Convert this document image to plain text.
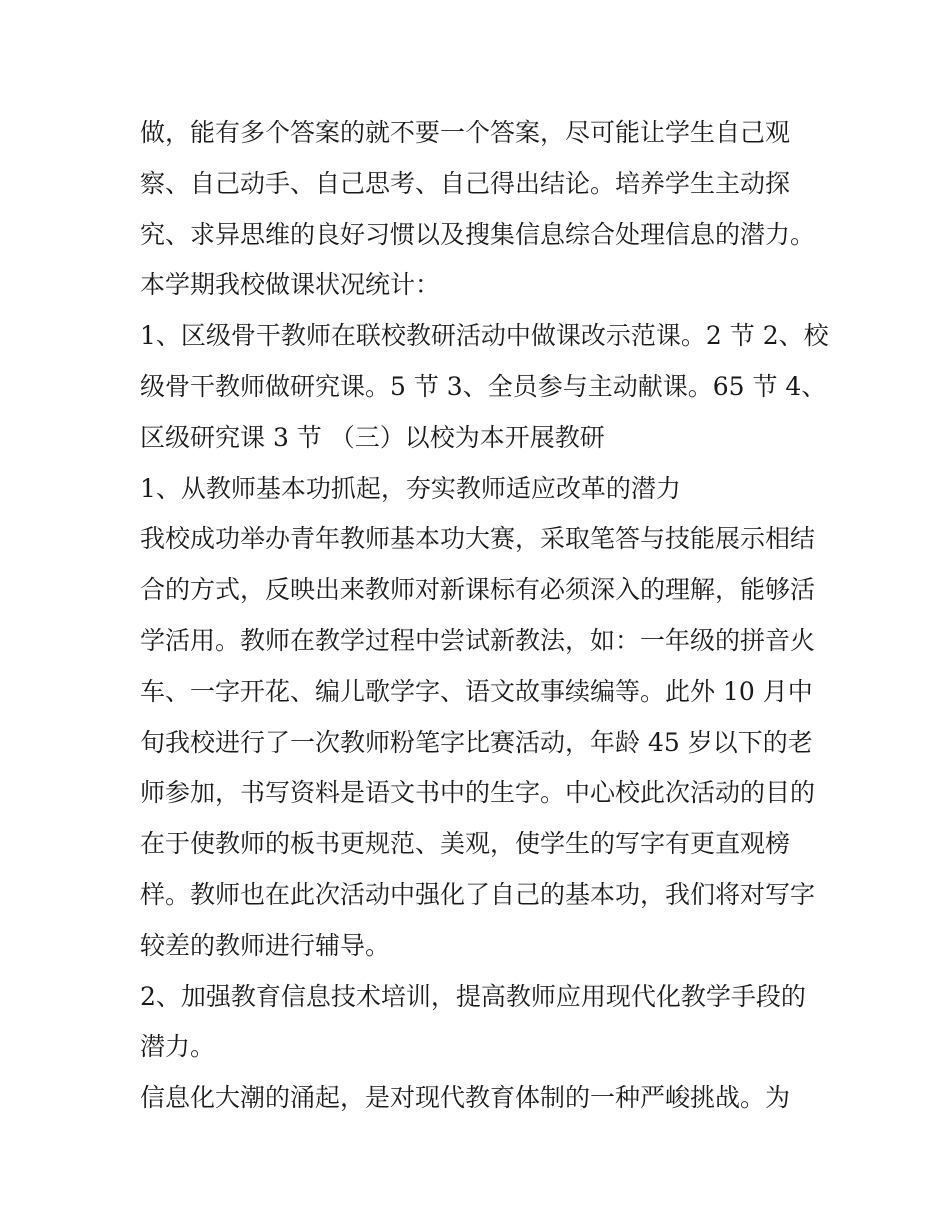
做，能有多个答案的就不要一个答案，尽可能让学生自己观
察、自己动手、自己思考、自己得出结论。培养学生主动探
究、求异思维的良好习惯以及搜集信息综合处理信息的潜力。
本学期我校做课状况统计：
1、区级骨干教师在联校教研活动中做课改示范课。2 节 2、校
级骨干教师做研究课。5 节 3、全员参与主动献课。65 节 4、
区级研究课 3 节 （三）以校为本开展教研
1、从教师基本功抓起，夯实教师适应改革的潜力
我校成功举办青年教师基本功大赛，采取笔答与技能展示相结
合的方式，反映出来教师对新课标有必须深入的理解，能够活
学活用。教师在教学过程中尝试新教法，如：一年级的拼音火
车、一字开花、编儿歌学字、语文故事续编等。此外 10 月中
旬我校进行了一次教师粉笔字比赛活动，年龄 45 岁以下的老
师参加，书写资料是语文书中的生字。中心校此次活动的目的
在于使教师的板书更规范、美观，使学生的写字有更直观榜
样。教师也在此次活动中强化了自己的基本功，我们将对写字
较差的教师进行辅导。
2、加强教育信息技术培训，提高教师应用现代化教学手段的
潜力。
信息化大潮的涌起，是对现代教育体制的一种严峻挑战。为
